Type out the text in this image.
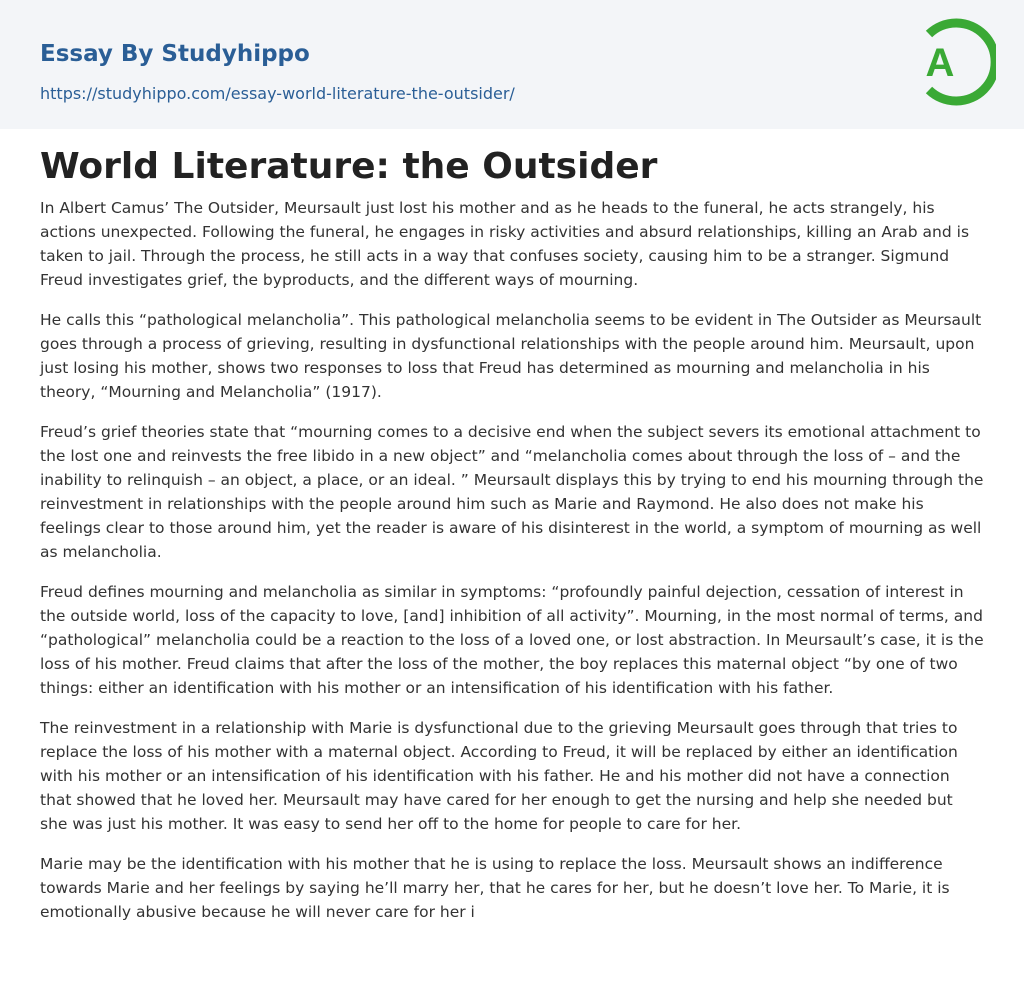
Essay By Studyhippo
https://studyhippo.com/essay-world-literature-the-outsider/
A
World Literature: the Outsider

In Albert Camus’ The Outsider, Meursault just lost his mother and as he heads to the funeral, he acts strangely, his actions unexpected. Following the funeral, he engages in risky activities and absurd relationships, killing an Arab and is taken to jail. Through the process, he still acts in a way that confuses society, causing him to be a stranger. Sigmund Freud investigates grief, the byproducts, and the different ways of mourning.

He calls this “pathological melancholia”. This pathological melancholia seems to be evident in The Outsider as Meursault goes through a process of grieving, resulting in dysfunctional relationships with the people around him. Meursault, upon just losing his mother, shows two responses to loss that Freud has determined as mourning and melancholia in his theory, “Mourning and Melancholia” (1917).

Freud’s grief theories state that “mourning comes to a decisive end when the subject severs its emotional attachment to the lost one and reinvests the free libido in a new object” and “melancholia comes about through the loss of – and the inability to relinquish – an object, a place, or an ideal. ” Meursault displays this by trying to end his mourning through the reinvestment in relationships with the people around him such as Marie and Raymond. He also does not make his feelings clear to those around him, yet the reader is aware of his disinterest in the world, a symptom of mourning as well as melancholia.

Freud defines mourning and melancholia as similar in symptoms: “profoundly painful dejection, cessation of interest in the outside world, loss of the capacity to love, [and] inhibition of all activity”. Mourning, in the most normal of terms, and “pathological” melancholia could be a reaction to the loss of a loved one, or lost abstraction. In Meursault’s case, it is the loss of his mother. Freud claims that after the loss of the mother, the boy replaces this maternal object “by one of two things: either an identification with his mother or an intensification of his identification with his father.

The reinvestment in a relationship with Marie is dysfunctional due to the grieving Meursault goes through that tries to replace the loss of his mother with a maternal object. According to Freud, it will be replaced by either an identification with his mother or an intensification of his identification with his father. He and his mother did not have a connection that showed that he loved her. Meursault may have cared for her enough to get the nursing and help she needed but she was just his mother. It was easy to send her off to the home for people to care for her.

Marie may be the identification with his mother that he is using to replace the loss. Meursault shows an indifference towards Marie and her feelings by saying he’ll marry her, that he cares for her, but he doesn’t love her. To Marie, it is emotionally abusive because he will never care for her i
